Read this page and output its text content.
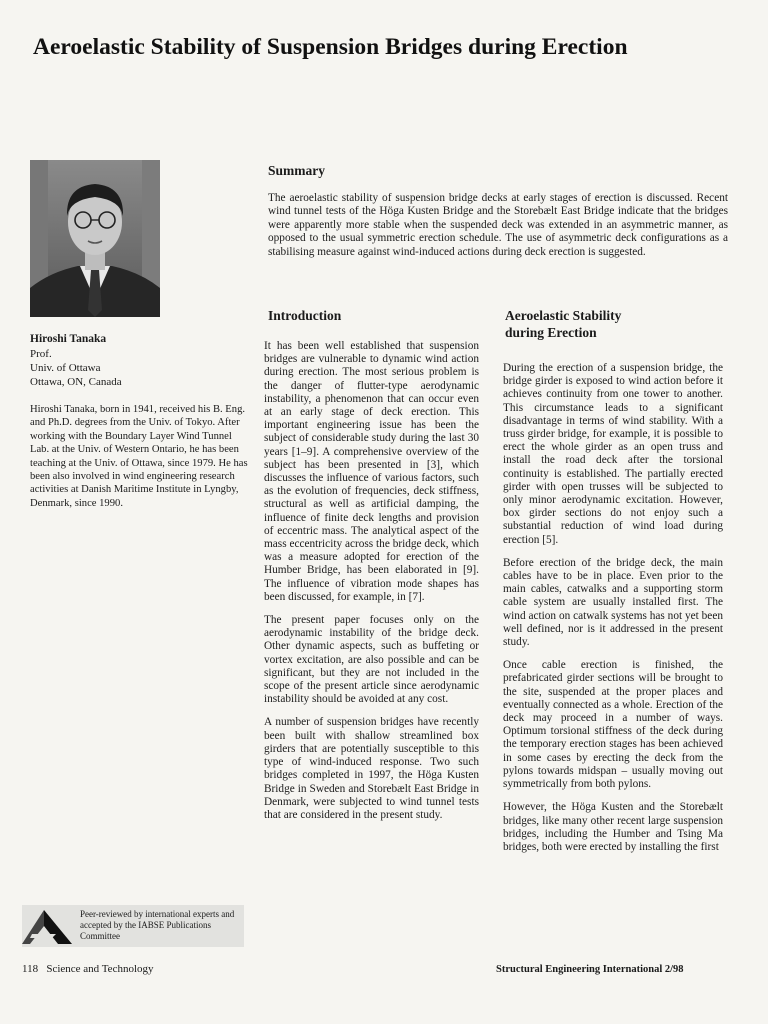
Aeroelastic Stability of Suspension Bridges during Erection
Hiroshi Tanaka
Prof.
Univ. of Ottawa
Ottawa, ON, Canada

Hiroshi Tanaka, born in 1941, received his B. Eng. and Ph.D. degrees from the Univ. of Tokyo. After working with the Boundary Layer Wind Tunnel Lab. at the Univ. of Western Ontario, he has been teaching at the Univ. of Ottawa, since 1979. He has been also involved in wind engineering research activities at Danish Maritime Institute in Lyngby, Denmark, since 1990.

Summary

The aeroelastic stability of suspension bridge decks at early stages of erection is discussed. Recent wind tunnel tests of the Höga Kusten Bridge and the Storebælt East Bridge indicate that the bridges were apparently more stable when the suspended deck was extended in an asymmetric manner, as opposed to the usual symmetric erection schedule. The use of asymmetric deck configurations as a stabilising measure against wind-induced actions during deck erection is suggested.

Introduction

It has been well established that suspension bridges are vulnerable to dynamic wind action during erection. The most serious problem is the danger of flutter-type aerodynamic instability, a phenomenon that can occur even at an early stage of deck erection. This important engineering issue has been the subject of considerable study during the last 30 years [1–9]. A comprehensive overview of the subject has been presented in [3], which discusses the influence of various factors, such as the evolution of frequencies, deck stiffness, structural as well as artificial damping, the influence of finite deck lengths and provision of eccentric mass. The analytical aspect of the mass eccentricity across the bridge deck, which was a measure adopted for erection of the Humber Bridge, has been elaborated in [9]. The influence of vibration mode shapes has been discussed, for example, in [7].

The present paper focuses only on the aerodynamic instability of the bridge deck. Other dynamic aspects, such as buffeting or vortex excitation, are also possible and can be significant, but they are not included in the scope of the present article since aerodynamic instability should be avoided at any cost.

A number of suspension bridges have recently been built with shallow streamlined box girders that are potentially susceptible to this type of wind-induced response. Two such bridges completed in 1997, the Höga Kusten Bridge in Sweden and Storebælt East Bridge in Denmark, were subjected to wind tunnel tests that are considered in the present study.

Aeroelastic Stability
during Erection

During the erection of a suspension bridge, the bridge girder is exposed to wind action before it achieves continuity from one tower to another. This circumstance leads to a significant disadvantage in terms of wind stability. With a truss girder bridge, for example, it is possible to erect the whole girder as an open truss and install the road deck after the torsional continuity is established. The partially erected girder with open trusses will be subjected to only minor aerodynamic excitation. However, box girder sections do not enjoy such a substantial reduction of wind load during erection [5].

Before erection of the bridge deck, the main cables have to be in place. Even prior to the main cables, catwalks and a supporting storm cable system are usually installed first. The wind action on catwalk systems has not yet been well defined, nor is it addressed in the present study.

Once cable erection is finished, the prefabricated girder sections will be brought to the site, suspended at the proper places and eventually connected as a whole. Erection of the deck may proceed in a number of ways. Optimum torsional stiffness of the deck during the temporary erection stages has been achieved in some cases by erecting the deck from the pylons towards midspan – usually moving out symmetrically from both pylons.

However, the Höga Kusten and the Storebælt bridges, like many other recent large suspension bridges, including the Humber and Tsing Ma bridges, both were erected by installing the first

Peer-reviewed by international experts and accepted by the IABSE Publications Committee
118 Science and Technology	Structural Engineering International 2/98
